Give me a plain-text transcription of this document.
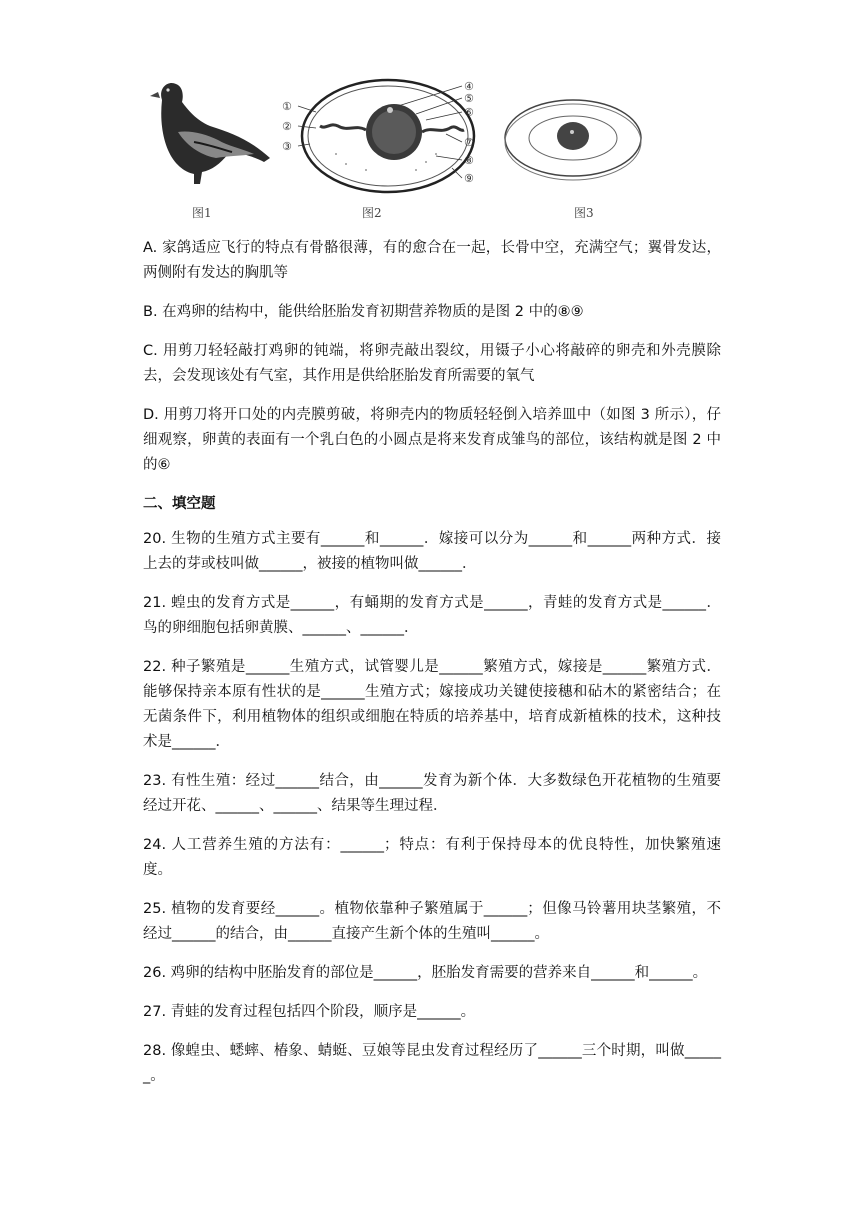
图1
①
②
③
④
⑤
⑥
⑦
⑧
⑨
图2	图3

A. 家鸽适应飞行的特点有骨骼很薄，有的愈合在一起，长骨中空，充满空气；翼骨发达，两侧附有发达的胸肌等

B. 在鸡卵的结构中，能供给胚胎发育初期营养物质的是图 2 中的⑧⑨

C. 用剪刀轻轻敲打鸡卵的钝端，将卵壳敲出裂纹，用镊子小心将敲碎的卵壳和外壳膜除去，会发现该处有气室，其作用是供给胚胎发育所需要的氧气

D. 用剪刀将开口处的内壳膜剪破，将卵壳内的物质轻轻倒入培养皿中（如图 3 所示），仔细观察，卵黄的表面有一个乳白色的小圆点是将来发育成雏鸟的部位，该结构就是图 2 中的⑥

二、填空题

20. 生物的生殖方式主要有______和______．嫁接可以分为______和______两种方式．接上去的芽或枝叫做______，被接的植物叫做______．

21. 蝗虫的发育方式是______，有蛹期的发育方式是______，青蛙的发育方式是______．鸟的卵细胞包括卵黄膜、______、______．

22. 种子繁殖是______生殖方式，试管婴儿是______繁殖方式，嫁接是______繁殖方式．能够保持亲本原有性状的是______生殖方式；嫁接成功关键使接穗和砧木的紧密结合；在无菌条件下，利用植物体的组织或细胞在特质的培养基中，培育成新植株的技术，这种技术是______．

23. 有性生殖：经过______结合，由______发育为新个体．大多数绿色开花植物的生殖要经过开花、______、______、结果等生理过程．

24. 人工营养生殖的方法有：______；特点：有利于保持母本的优良特性，加快繁殖速度。

25. 植物的发育要经______。植物依靠种子繁殖属于______；但像马铃薯用块茎繁殖，不经过______的结合，由______直接产生新个体的生殖叫______。

26. 鸡卵的结构中胚胎发育的部位是______，胚胎发育需要的营养来自______和______。

27. 青蛙的发育过程包括四个阶段，顺序是______。

28. 像蝗虫、蟋蟀、椿象、蜻蜓、豆娘等昆虫发育过程经历了______三个时期，叫做______。
